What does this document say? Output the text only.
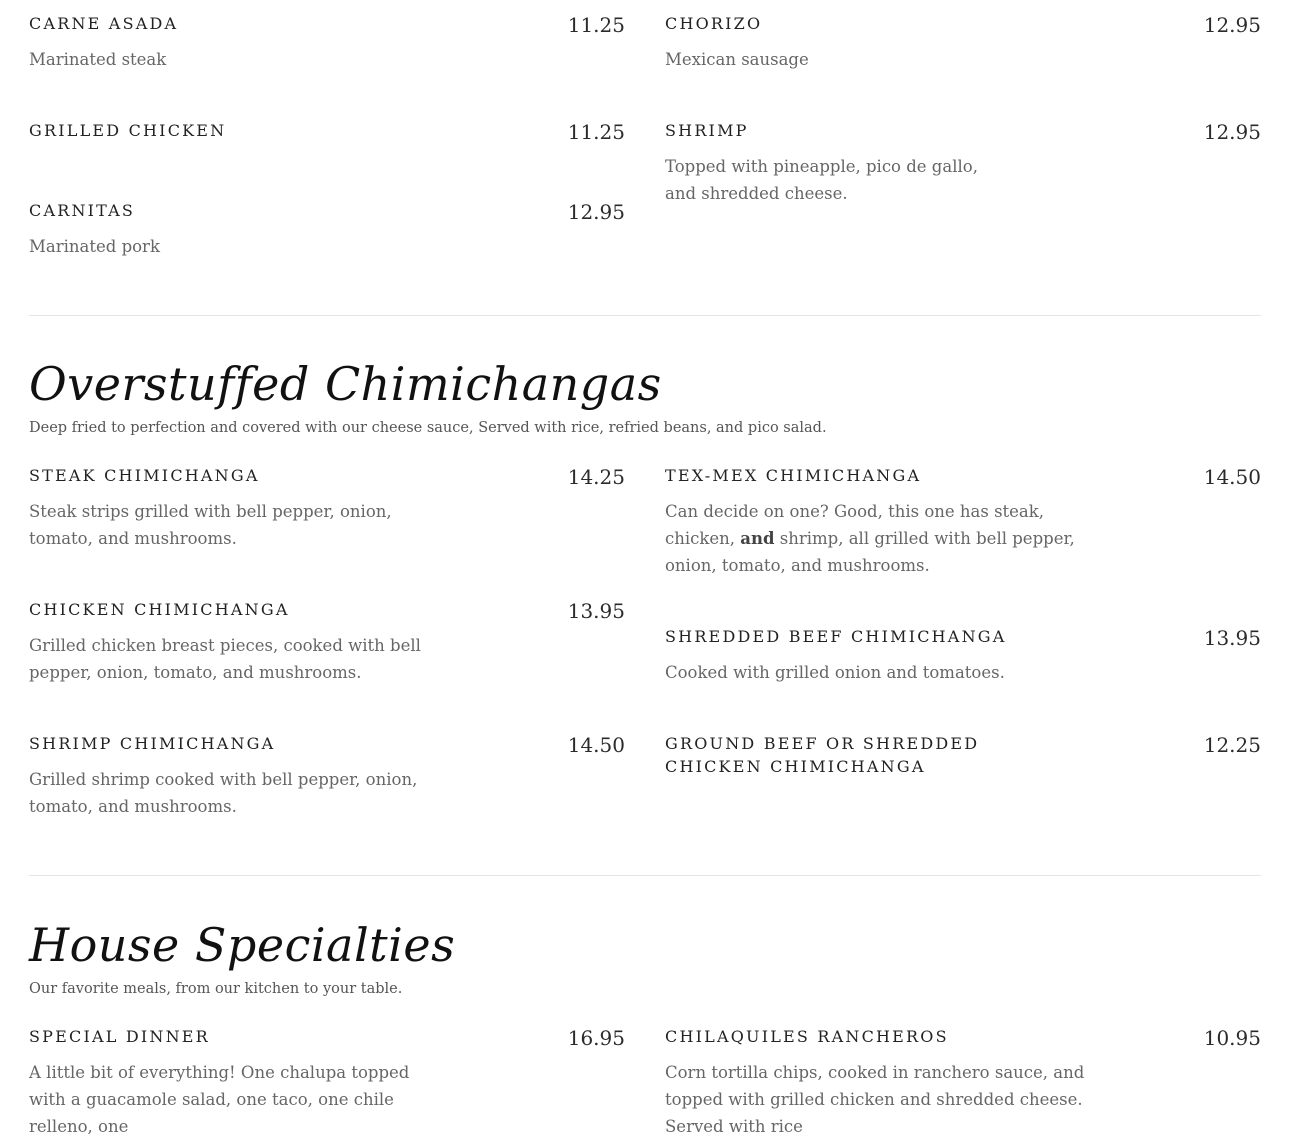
CARNE ASADA	11.25
Marinated steak
GRILLED CHICKEN	11.25
CARNITAS	12.95
Marinated pork
CHORIZO	12.95
Mexican sausage
SHRIMP	12.95
Topped with pineapple, pico de gallo, and shredded cheese.
Overstuffed Chimichangas
Deep fried to perfection and covered with our cheese sauce, Served with rice, refried beans, and pico salad.
STEAK CHIMICHANGA	14.25
Steak strips grilled with bell pepper, onion, tomato, and mushrooms.
CHICKEN CHIMICHANGA	13.95
Grilled chicken breast pieces, cooked with bell pepper, onion, tomato, and mushrooms.
SHRIMP CHIMICHANGA	14.50
Grilled shrimp cooked with bell pepper, onion, tomato, and mushrooms.
TEX-MEX CHIMICHANGA	14.50
Can decide on one? Good, this one has steak, chicken, and shrimp, all grilled with bell pepper, onion, tomato, and mushrooms.
SHREDDED BEEF CHIMICHANGA	13.95
Cooked with grilled onion and tomatoes.
GROUND BEEF OR SHREDDED CHICKEN CHIMICHANGA
12.25
House Specialties
Our favorite meals, from our kitchen to your table.
SPECIAL DINNER	16.95
A little bit of everything! One chalupa topped with a guacamole salad, one taco, one chile relleno, one
CHILAQUILES RANCHEROS	10.95
Corn tortilla chips, cooked in ranchero sauce, and topped with grilled chicken and shredded cheese. Served with rice
